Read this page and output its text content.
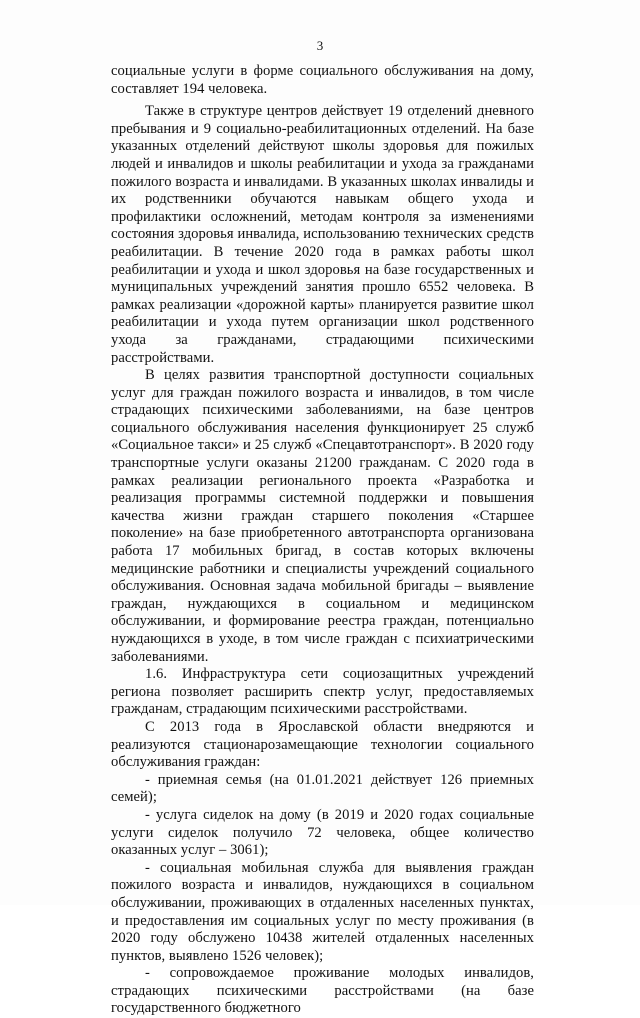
3

социальные услуги в форме социального обслуживания на дому, составляет 194 человека.

Также в структуре центров действует 19 отделений дневного пребывания и 9 социально-реабилитационных отделений. На базе указанных отделений действуют школы здоровья для пожилых людей и инвалидов и школы реабилитации и ухода за гражданами пожилого возраста и инвалидами. В указанных школах инвалиды и их родственники обучаются навыкам общего ухода и профилактики осложнений, методам контроля за изменениями состояния здоровья инвалида, использованию технических средств реабилитации. В течение 2020 года в рамках работы школ реабилитации и ухода и школ здоровья на базе государственных и муниципальных учреждений занятия прошло 6552 человека. В рамках реализации «дорожной карты» планируется развитие школ реабилитации и ухода путем организации школ родственного ухода за гражданами, страдающими психическими расстройствами.

В целях развития транспортной доступности социальных услуг для граждан пожилого возраста и инвалидов, в том числе страдающих психическими заболеваниями, на базе центров социального обслуживания населения функционирует 25 служб «Социальное такси» и 25 служб «Спецавтотранспорт». В 2020 году транспортные услуги оказаны 21200 гражданам. С 2020 года в рамках реализации регионального проекта «Разработка и реализация программы системной поддержки и повышения качества жизни граждан старшего поколения «Старшее поколение» на базе приобретенного автотранспорта организована работа 17 мобильных бригад, в состав которых включены медицинские работники и специалисты учреждений социального обслуживания. Основная задача мобильной бригады – выявление граждан, нуждающихся в социальном и медицинском обслуживании, и формирование реестра граждан, потенциально нуждающихся в уходе, в том числе граждан с психиатрическими заболеваниями.

1.6. Инфраструктура сети социозащитных учреждений региона позволяет расширить спектр услуг, предоставляемых гражданам, страдающим психическими расстройствами.

С 2013 года в Ярославской области внедряются и реализуются стационарозамещающие технологии социального обслуживания граждан:

- приемная семья (на 01.01.2021 действует 126 приемных семей);

- услуга сиделок на дому (в 2019 и 2020 годах социальные услуги сиделок получило 72 человека, общее количество оказанных услуг – 3061);

- социальная мобильная служба для выявления граждан пожилого возраста и инвалидов, нуждающихся в социальном обслуживании, проживающих в отдаленных населенных пунктах, и предоставления им социальных услуг по месту проживания (в 2020 году обслужено 10438 жителей отдаленных населенных пунктов, выявлено 1526 человек);

- сопровождаемое проживание молодых инвалидов, страдающих психическими расстройствами (на базе государственного бюджетного
